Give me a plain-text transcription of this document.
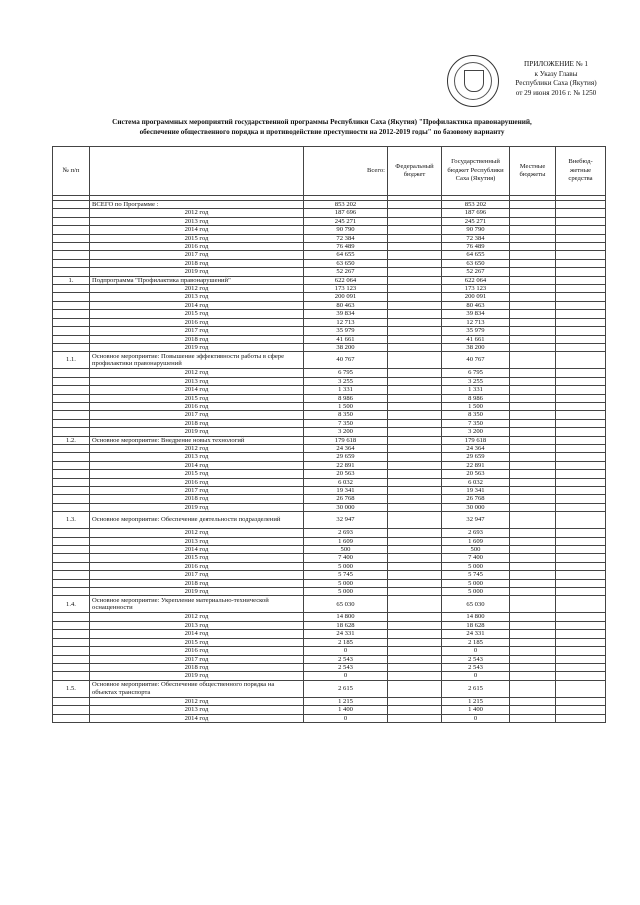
ПРИЛОЖЕНИЕ № 1
к Указу Главы
Республики Саха (Якутия)
от 29 июня 2016 г. № 1250
Система программных мероприятий государственной программы Республики Саха (Якутия) "Профилактика правонарушений,
обеспечение общественного порядка и противодействие преступности на 2012-2019 годы" по базовому варианту
№ п/п		Всего:	Федеральный бюджет	Государственный бюджет Республики Саха (Якутия)	Местные бюджеты	Внебюд-жетные средства

	ВСЕГО по Программе :	853 202		853 202		
	2012 год	187 696		187 696		
	2013 год	245 271		245 271		
	2014 год	90 790		90 790		
	2015 год	72 384		72 384		
	2016 год	76 489		76 489		
	2017 год	64 655		64 655		
	2018 год	63 650		63 650		
	2019 год	52 267		52 267		
1.	Подпрограмма "Профилактика правонарушений"	622 064		622 064		
	2012 год	173 123		173 123		
	2013 год	200 091		200 091		
	2014 год	80 463		80 463		
	2015 год	39 834		39 834		
	2016 год	12 713		12 713		
	2017 год	35 979		35 979		
	2018 год	41 661		41 661		
	2019 год	38 200		38 200		
1.1.	Основное мероприятие: Повышение эффективности работы в сфере профилактики правонарушений	40 767		40 767		
	2012 год	6 795		6 795		
	2013 год	3 255		3 255		
	2014 год	1 331		1 331		
	2015 год	8 986		8 986		
	2016 год	1 500		1 500		
	2017 год	8 350		8 350		
	2018 год	7 350		7 350		
	2019 год	3 200		3 200		
1.2.	Основное мероприятие: Внедрение новых технологий	179 618		179 618		
	2012 год	24 364		24 364		
	2013 год	29 659		29 659		
	2014 год	22 891		22 891		
	2015 год	20 563		20 563		
	2016 год	6 032		6 032		
	2017 год	19 341		19 341		
	2018 год	26 768		26 768		
	2019 год	30 000		30 000		
1.3.	Основное мероприятие: Обеспечение деятельности подразделений	32 947		32 947		
	2012 год	2 693		2 693		
	2013 год	1 609		1 609		
	2014 год	500		500		
	2015 год	7 400		7 400		
	2016 год	5 000		5 000		
	2017 год	5 745		5 745		
	2018 год	5 000		5 000		
	2019 год	5 000		5 000		
1.4.	Основное мероприятие: Укрепление материально-технической оснащенности	65 030		65 030		
	2012 год	14 800		14 800		
	2013 год	18 628		18 628		
	2014 год	24 331		24 331		
	2015 год	2 185		2 185		
	2016 год	0		0		
	2017 год	2 543		2 543		
	2018 год	2 543		2 543		
	2019 год	0		0		
1.5.	Основное мероприятие: Обеспечение общественного порядка на объектах транспорта	2 615		2 615		
	2012 год	1 215		1 215		
	2013 год	1 400		1 400		
	2014 год	0		0		
